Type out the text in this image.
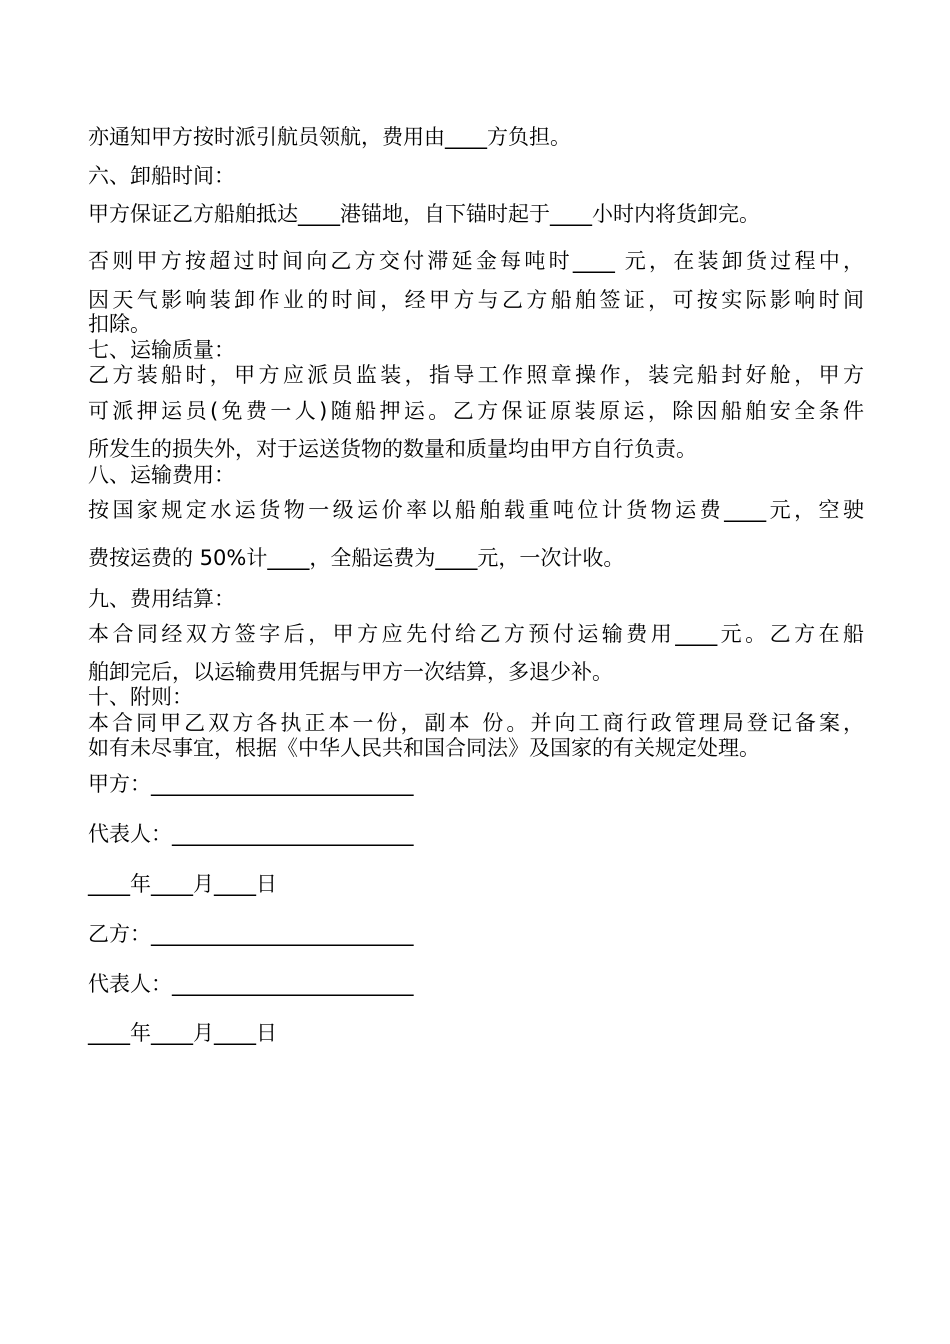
亦通知甲方按时派引航员领航，费用由____方负担。
六、卸船时间：
甲方保证乙方船舶抵达____港锚地，自下锚时起于____小时内将货卸完。
否则甲方按超过时间向乙方交付滞延金每吨时____ 元，在装卸货过程中，
因天气影响装卸作业的时间，经甲方与乙方船舶签证，可按实际影响时间
扣除。
七、运输质量：
乙方装船时，甲方应派员监装，指导工作照章操作，装完船封好舱，甲方
可派押运员(免费一人)随船押运。乙方保证原装原运，除因船舶安全条件
所发生的损失外，对于运送货物的数量和质量均由甲方自行负责。
八、运输费用：
按国家规定水运货物一级运价率以船舶载重吨位计货物运费____元，空驶
费按运费的 50%计____，全船运费为____元，一次计收。
九、费用结算：
本合同经双方签字后，甲方应先付给乙方预付运输费用____元。乙方在船
舶卸完后，以运输费用凭据与甲方一次结算，多退少补。
十、附则：
本合同甲乙双方各执正本一份，副本 份。并向工商行政管理局登记备案，
如有未尽事宜，根据《中华人民共和国合同法》及国家的有关规定处理。
甲方：_________________________
代表人：_______________________
____年____月____日
乙方：_________________________
代表人：_______________________
____年____月____日
